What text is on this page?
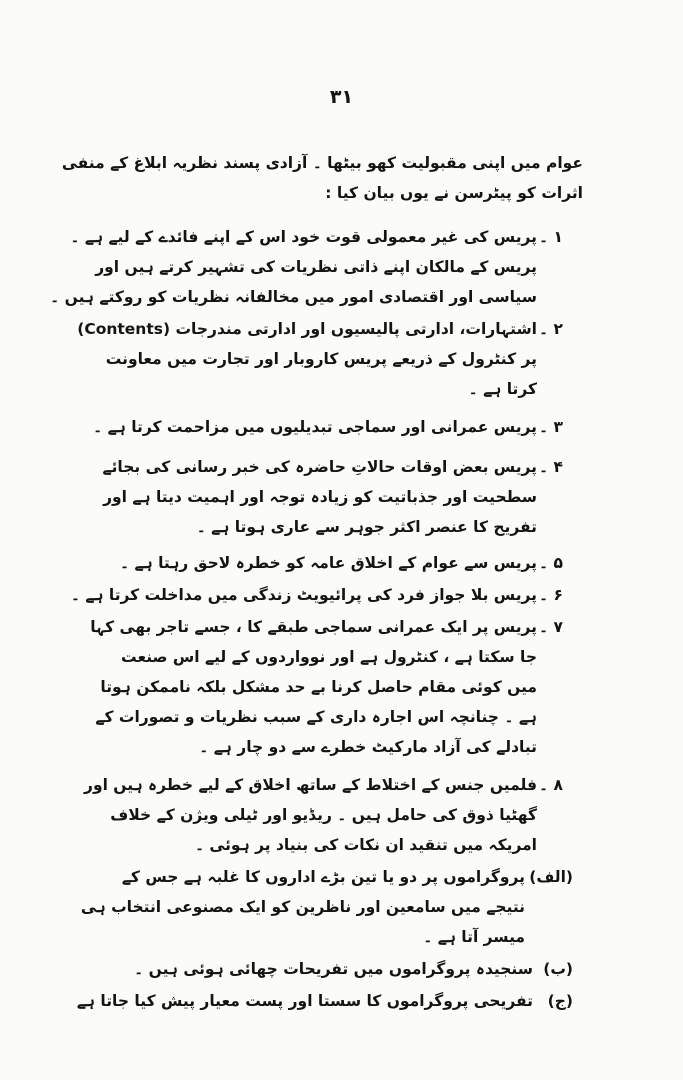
۳۱
عوام میں اپنی مقبولیت کھو بیٹھا ۔ آزادی پسند نظریہ ابلاغ کے منفی
اثرات کو پیٹرسن نے یوں بیان کیا :
۱ ۔
پریس کی غیر معمولی قوت خود اس کے اپنے فائدے کے لیے ہے ۔
پریس کے مالکان اپنے ذاتی نظریات کی تشہیر کرتے ہیں اور
سیاسی اور اقتصادی امور میں مخالفانہ نظریات کو روکتے ہیں ۔
۲ ۔
اشتہارات، ادارتی پالیسیوں اور ادارتی مندرجات (Contents)
پر کنٹرول کے ذریعے پریس کاروبار اور تجارت میں معاونت
کرتا ہے ۔
۳ ۔
پریس عمرانی اور سماجی تبدیلیوں میں مزاحمت کرتا ہے ۔
۴ ۔
پریس بعض اوقات حالاتِ حاضرہ کی خبر رسانی کی بجائے
سطحیت اور جذباتیت کو زیادہ توجہ اور اہمیت دیتا ہے اور
تفریح کا عنصر اکثر جوہر سے عاری ہوتا ہے ۔
۵ ۔
پریس سے عوام کے اخلاق عامہ کو خطرہ لاحق رہتا ہے ۔
۶ ۔
پریس بلا جواز فرد کی پرائیویٹ زندگی میں مداخلت کرتا ہے ۔
۷ ۔
پریس پر ایک عمرانی سماجی طبقے کا ، جسے تاجر بھی کہا
جا سکتا ہے ، کنٹرول ہے اور نوواردوں کے لیے اس صنعت
میں کوئی مقام حاصل کرنا بے حد مشکل بلکہ ناممکن ہوتا
ہے ۔ چنانچہ اس اجارہ داری کے سبب نظریات و تصورات کے
تبادلے کی آزاد مارکیٹ خطرے سے دو چار ہے ۔
۸ ۔
فلمیں جنس کے اختلاط کے ساتھ اخلاق کے لیے خطرہ ہیں اور
گھٹیا ذوق کی حامل ہیں ۔ ریڈیو اور ٹیلی ویژن کے خلاف
امریکہ میں تنقید ان نکات کی بنیاد پر ہوئی ۔
(الف)
پروگراموں پر دو یا تین بڑے اداروں کا غلبہ ہے جس کے
نتیجے میں سامعین اور ناظرین کو ایک مصنوعی انتخاب ہی
میسر آتا ہے ۔
(ب)
سنجیدہ پروگراموں میں تفریحات چھائی ہوئی ہیں ۔
(ج)
تفریحی پروگراموں کا سستا اور پست معیار پیش کیا جاتا ہے
